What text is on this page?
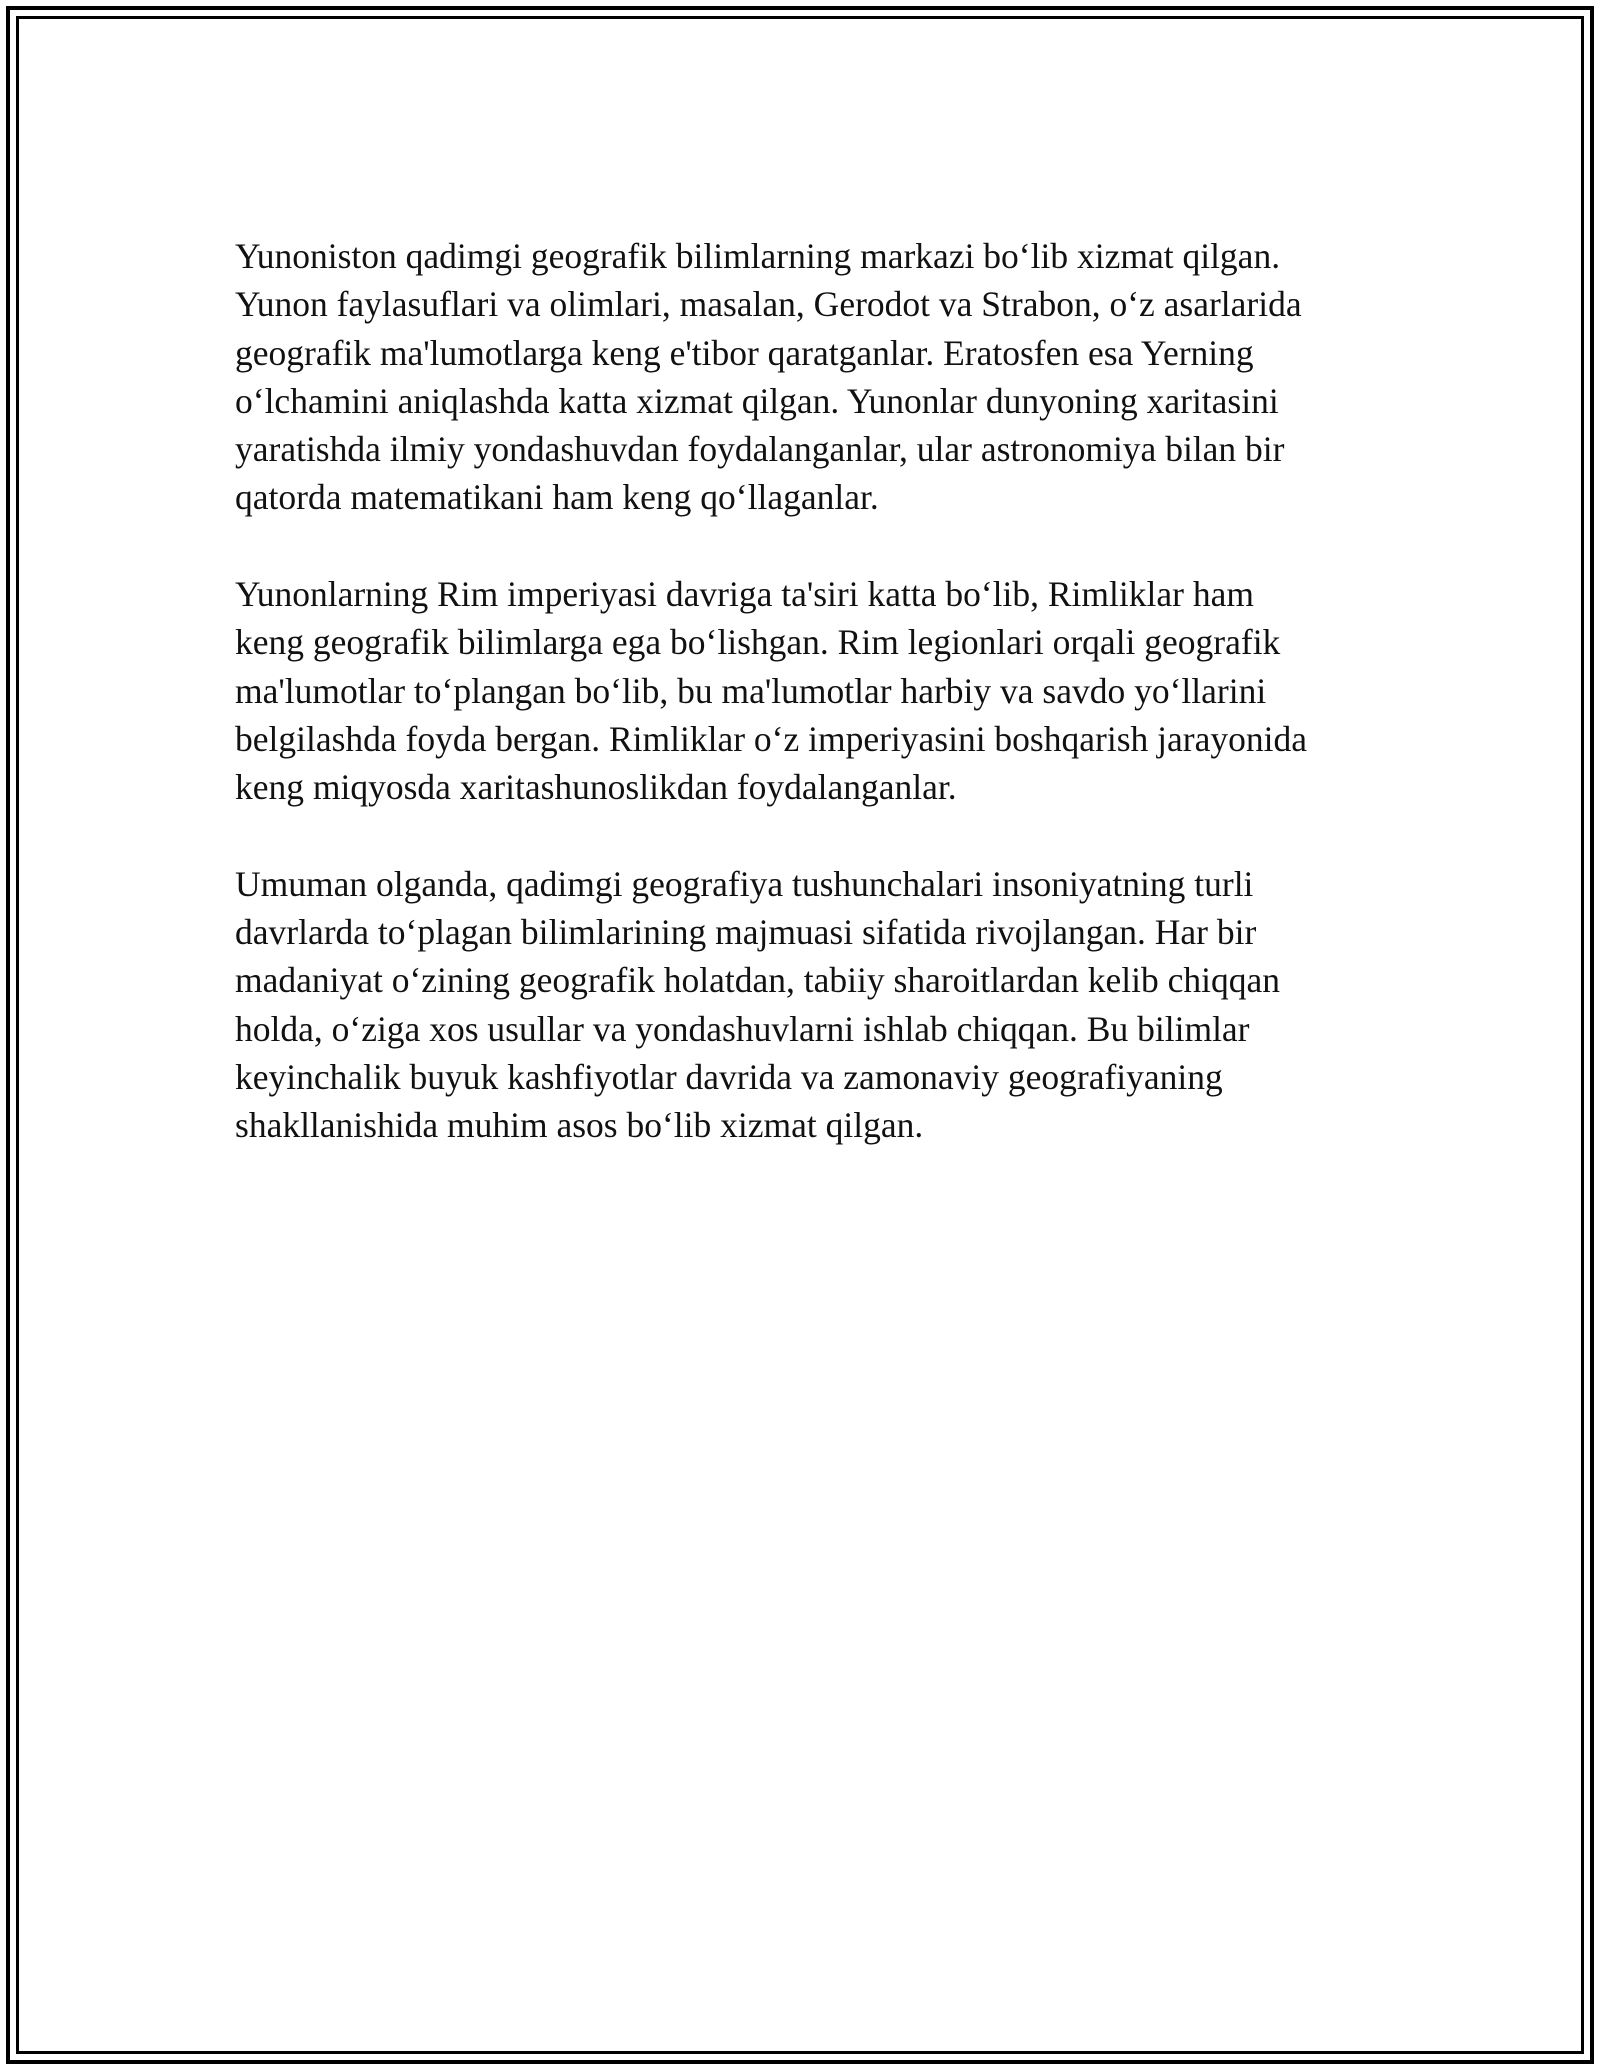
Yunoniston qadimgi geografik bilimlarning markazi bo‘lib xizmat qilgan.
Yunon faylasuflari va olimlari, masalan, Gerodot va Strabon, o‘z asarlarida
geografik ma'lumotlarga keng e'tibor qaratganlar. Eratosfen esa Yerning
o‘lchamini aniqlashda katta xizmat qilgan. Yunonlar dunyoning xaritasini
yaratishda ilmiy yondashuvdan foydalanganlar, ular astronomiya bilan bir
qatorda matematikani ham keng qo‘llaganlar.

Yunonlarning Rim imperiyasi davriga ta'siri katta bo‘lib, Rimliklar ham
keng geografik bilimlarga ega bo‘lishgan. Rim legionlari orqali geografik
ma'lumotlar to‘plangan bo‘lib, bu ma'lumotlar harbiy va savdo yo‘llarini
belgilashda foyda bergan. Rimliklar o‘z imperiyasini boshqarish jarayonida
keng miqyosda xaritashunoslikdan foydalanganlar.

Umuman olganda, qadimgi geografiya tushunchalari insoniyatning turli
davrlarda to‘plagan bilimlarining majmuasi sifatida rivojlangan. Har bir
madaniyat o‘zining geografik holatdan, tabiiy sharoitlardan kelib chiqqan
holda, o‘ziga xos usullar va yondashuvlarni ishlab chiqqan. Bu bilimlar
keyinchalik buyuk kashfiyotlar davrida va zamonaviy geografiyaning
shakllanishida muhim asos bo‘lib xizmat qilgan.
